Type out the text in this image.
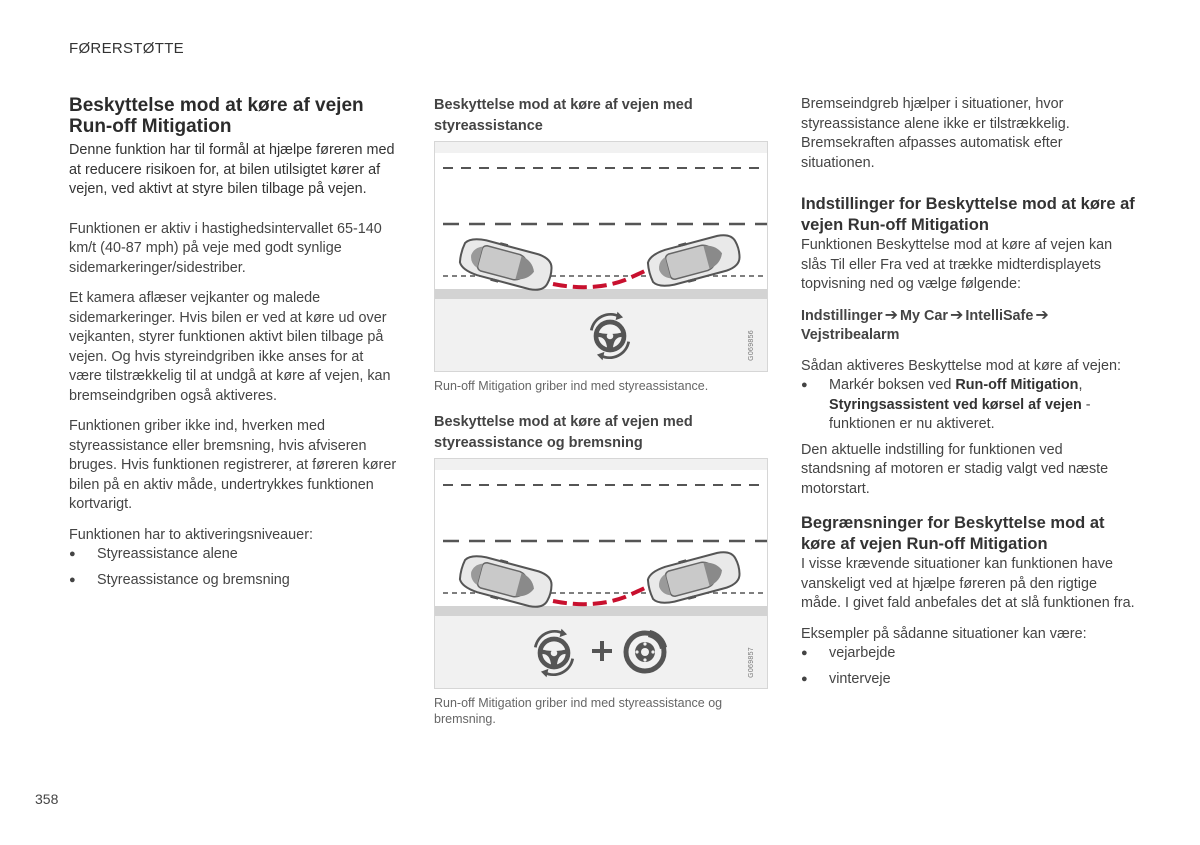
FØRERSTØTTE
Beskyttelse mod at køre af vejen
Run-off Mitigation

Denne funktion har til formål at hjælpe føreren med at reducere risikoen for, at bilen utilsigtet kører af vejen, ved aktivt at styre bilen tilbage på vejen.

Funktionen er aktiv i hastighedsintervallet 65-140 km/t (40-87 mph) på veje med godt synlige sidemarkeringer/sidestriber.

Et kamera aflæser vejkanter og malede sidemarkeringer. Hvis bilen er ved at køre ud over vejkanten, styrer funktionen aktivt bilen tilbage på vejen. Og hvis styreindgriben ikke anses for at være tilstrækkelig til at undgå at køre af vejen, kan bremseindgriben også aktiveres.

Funktionen griber ikke ind, hverken med styreassistance eller bremsning, hvis afviseren bruges. Hvis funktionen registrerer, at føreren kører bilen på en aktiv måde, undertrykkes funktionen kortvarigt.

Funktionen har to aktiveringsniveauer:

● Styreassistance alene
● Styreassistance og bremsning
Beskyttelse mod at køre af vejen med styreassistance
G069856
Run-off Mitigation griber ind med styreassistance.
Beskyttelse mod at køre af vejen med styreassistance og bremsning
G069857
Run-off Mitigation griber ind med styreassistance og bremsning.

Bremseindgreb hjælper i situationer, hvor styreassistance alene ikke er tilstrækkelig. Bremsekraften afpasses automatisk efter situationen.

Indstillinger for Beskyttelse mod at køre af vejen Run-off Mitigation

Funktionen Beskyttelse mod at køre af vejen kan slås Til eller Fra ved at trække midterdisplayets topvisning ned og vælge følgende:

Indstillinger ➔ My Car ➔ IntelliSafe ➔
Vejstribealarm

Sådan aktiveres Beskyttelse mod at køre af vejen:

● Markér boksen ved Run-off Mitigation, Styringsassistent ved kørsel af vejen - funktionen er nu aktiveret.

Den aktuelle indstilling for funktionen ved standsning af motoren er stadig valgt ved næste motorstart.

Begrænsninger for Beskyttelse mod at køre af vejen Run-off Mitigation

I visse krævende situationer kan funktionen have vanskeligt ved at hjælpe føreren på den rigtige måde. I givet fald anbefales det at slå funktionen fra.

Eksempler på sådanne situationer kan være:

● vejarbejde
● vinterveje
358
